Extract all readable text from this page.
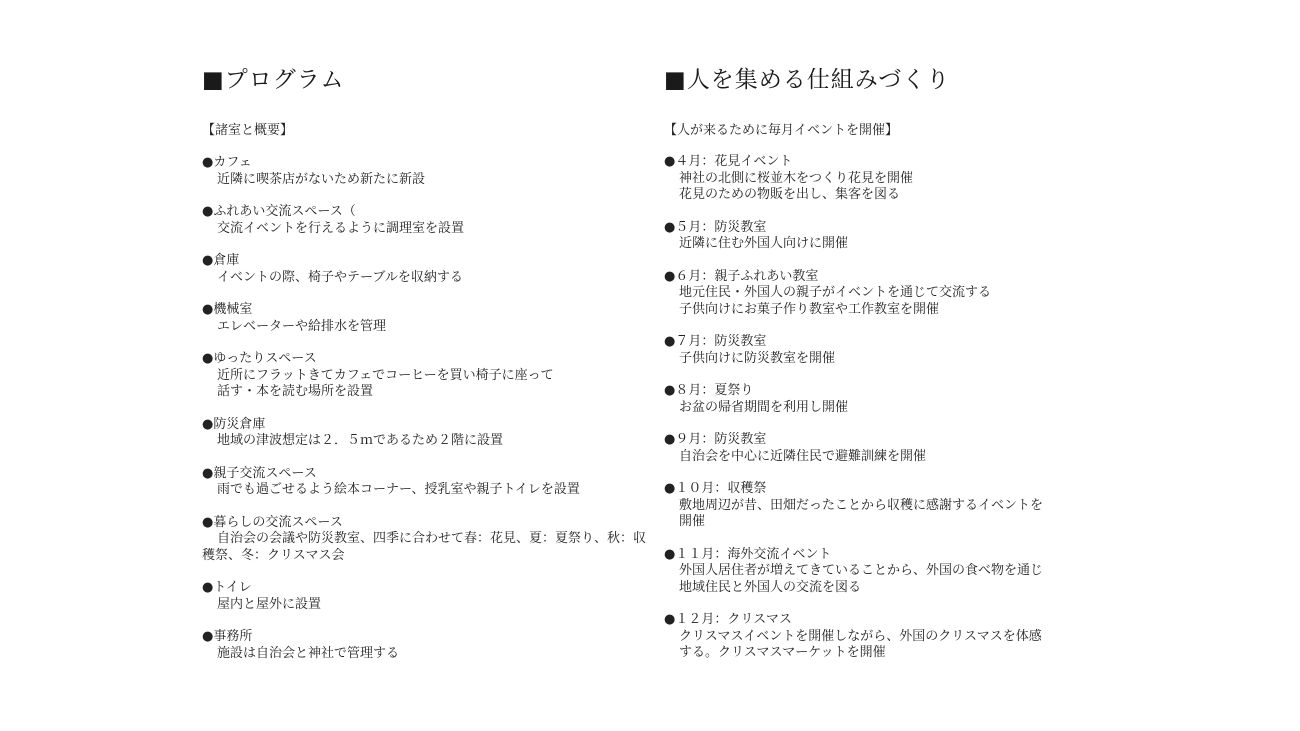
■プログラム

【諸室と概要】

●カフェ
近隣に喫茶店がないため新たに新設
●ふれあい交流スペース（
交流イベントを行えるように調理室を設置
●倉庫
イベントの際、椅子やテーブルを収納する
●機械室
エレベーターや給排水を管理
●ゆったりスペース
近所にフラットきてカフェでコーヒーを買い椅子に座って
話す・本を読む場所を設置
●防災倉庫
地域の津波想定は２．５ｍであるため２階に設置
●親子交流スペース
雨でも過ごせるよう絵本コーナー、授乳室や親子トイレを設置
●暮らしの交流スペース
自治会の会議や防災教室、四季に合わせて春：花見、夏：夏祭り、秋：収穫祭、冬：クリスマス会
●トイレ
屋内と屋外に設置
●事務所
施設は自治会と神社で管理する
■人を集める仕組みづくり

【人が来るために毎月イベントを開催】

●４月：花見イベント
神社の北側に桜並木をつくり花見を開催
花見のための物販を出し、集客を図る
●５月：防災教室
近隣に住む外国人向けに開催
●６月：親子ふれあい教室
地元住民・外国人の親子がイベントを通じて交流する
子供向けにお菓子作り教室や工作教室を開催
●７月：防災教室
子供向けに防災教室を開催
●８月：夏祭り
お盆の帰省期間を利用し開催
●９月：防災教室
自治会を中心に近隣住民で避難訓練を開催
●１０月：収穫祭
敷地周辺が昔、田畑だったことから収穫に感謝するイベントを
開催
●１１月：海外交流イベント
外国人居住者が増えてきていることから、外国の食べ物を通じ
地域住民と外国人の交流を図る
●１２月：クリスマス
クリスマスイベントを開催しながら、外国のクリスマスを体感
する。クリスマスマーケットを開催
